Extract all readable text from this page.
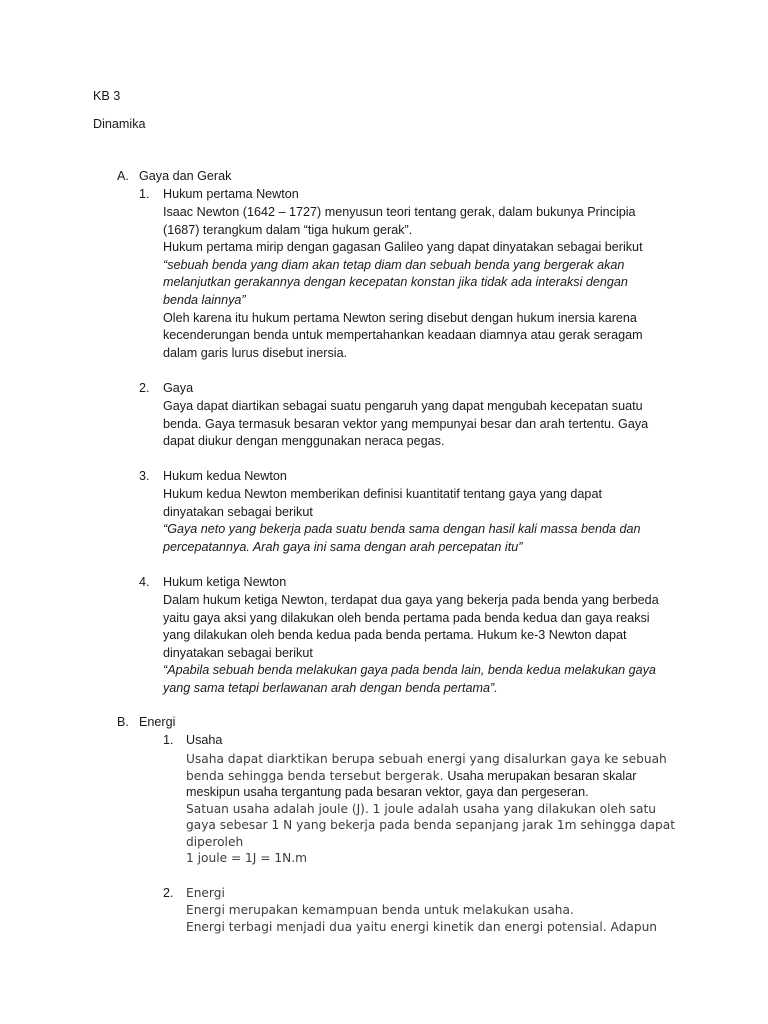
KB 3
Dinamika
A. Gaya dan Gerak
1. Hukum pertama Newton

Isaac Newton (1642 – 1727) menyusun teori tentang gerak, dalam bukunya Principia

(1687) terangkum dalam “tiga hukum gerak”.

Hukum pertama mirip dengan gagasan Galileo yang dapat dinyatakan sebagai berikut

“sebuah benda yang diam akan tetap diam dan sebuah benda yang bergerak akan

melanjutkan gerakannya dengan kecepatan konstan jika tidak ada interaksi dengan

benda lainnya”

Oleh karena itu hukum pertama Newton sering disebut dengan hukum inersia karena

kecenderungan benda untuk mempertahankan keadaan diamnya atau gerak seragam

dalam garis lurus disebut inersia.

2. Gaya

Gaya dapat diartikan sebagai suatu pengaruh yang dapat mengubah kecepatan suatu

benda. Gaya termasuk besaran vektor yang mempunyai besar dan arah tertentu. Gaya

dapat diukur dengan menggunakan neraca pegas.

3. Hukum kedua Newton

Hukum kedua Newton memberikan definisi kuantitatif tentang gaya yang dapat

dinyatakan sebagai berikut

“Gaya neto yang bekerja pada suatu benda sama dengan hasil kali massa benda dan

percepatannya. Arah gaya ini sama dengan arah percepatan itu”

4. Hukum ketiga Newton

Dalam hukum ketiga Newton, terdapat dua gaya yang bekerja pada benda yang berbeda

yaitu gaya aksi yang dilakukan oleh benda pertama pada benda kedua dan gaya reaksi

yang dilakukan oleh benda kedua pada benda pertama. Hukum ke-3 Newton dapat

dinyatakan sebagai berikut

“Apabila sebuah benda melakukan gaya pada benda lain, benda kedua melakukan gaya

yang sama tetapi berlawanan arah dengan benda pertama”.

B. Energi
1. Usaha

Usaha dapat diarktikan berupa sebuah energi yang disalurkan gaya ke sebuah

benda sehingga benda tersebut bergerak. Usaha merupakan besaran skalar

meskipun usaha tergantung pada besaran vektor, gaya dan pergeseran.

Satuan usaha adalah joule (J). 1 joule adalah usaha yang dilakukan oleh satu

gaya sebesar 1 N yang bekerja pada benda sepanjang jarak 1m sehingga dapat

diperoleh

1 joule = 1J = 1N.m

2. Energi

Energi merupakan kemampuan benda untuk melakukan usaha.

Energi terbagi menjadi dua yaitu energi kinetik dan energi potensial. Adapun
